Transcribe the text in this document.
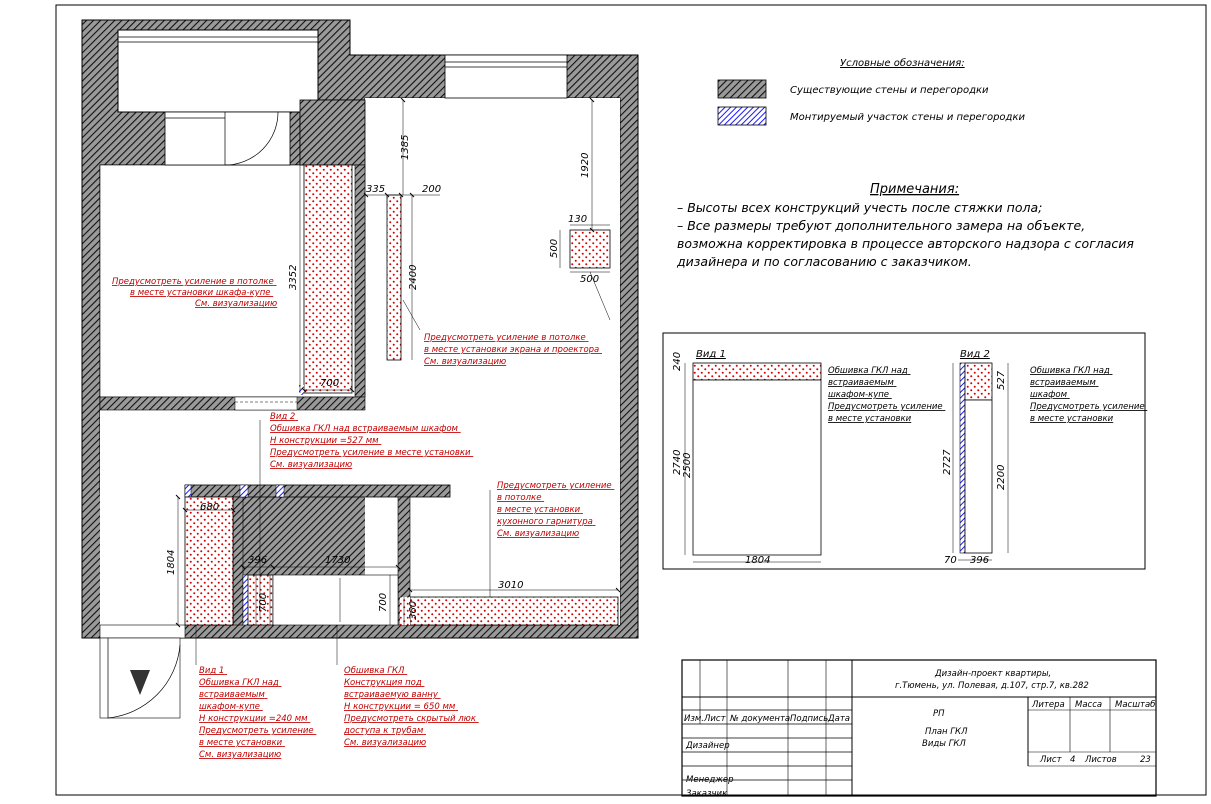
1385
1920
335	200
130
500
500
2400
3352
700
680
1804	396	1730
700	700
3010
360
Предусмотреть усиление в потолке в месте установки шкафа-купе См. визуализацию
Предусмотреть усиление в потолке в месте установки экрана и проектора См. визуализацию
Вид 2 Обшивка ГКЛ над встраиваемым шкафом Н конструкции =527 мм Предусмотреть усиление в месте установки См. визуализацию
Предусмотреть усиление в потолке в месте установки кухонного гарнитура См. визуализацию
Вид 1 Обшивка ГКЛ над встраиваемым шкафом-купе Н конструкции =240 мм Предусмотреть усиление в месте установки См. визуализацию
Обшивка ГКЛ Конструкция под встраиваемую ванну Н конструкции = 650 мм Предусмотреть скрытый люк доступа к трубам См. визуализацию
Условные обозначения:
Существующие стены и перегородки
Монтируемый участок стены и перегородки
Примечания:
– Высоты всех конструкций учесть после стяжки пола; – Все размеры требуют дополнительного замера на объекте, возможна корректировка в процессе авторского надзора с согласия дизайнера и по согласованию с заказчиком.
Вид 1
240
2740 2500
1804
Обшивка ГКЛ над встраиваемым шкафом-купе Предусмотреть усиление в месте установки
Вид 2
527
2727
2200
70 396
Обшивка ГКЛ над встраиваемым шкафом Предусмотреть усиление в месте установки
Дизайн-проект квартиры,
г.Тюмень, ул. Полевая, д.107, стр.7, кв.282
Изм. Лист № документа Подпись Дата
Дизайнер
Менеджер
Заказчик
РП
План ГКЛ
Виды ГКЛ
Литера Масса Масштаб
Лист 4 Листов	23
